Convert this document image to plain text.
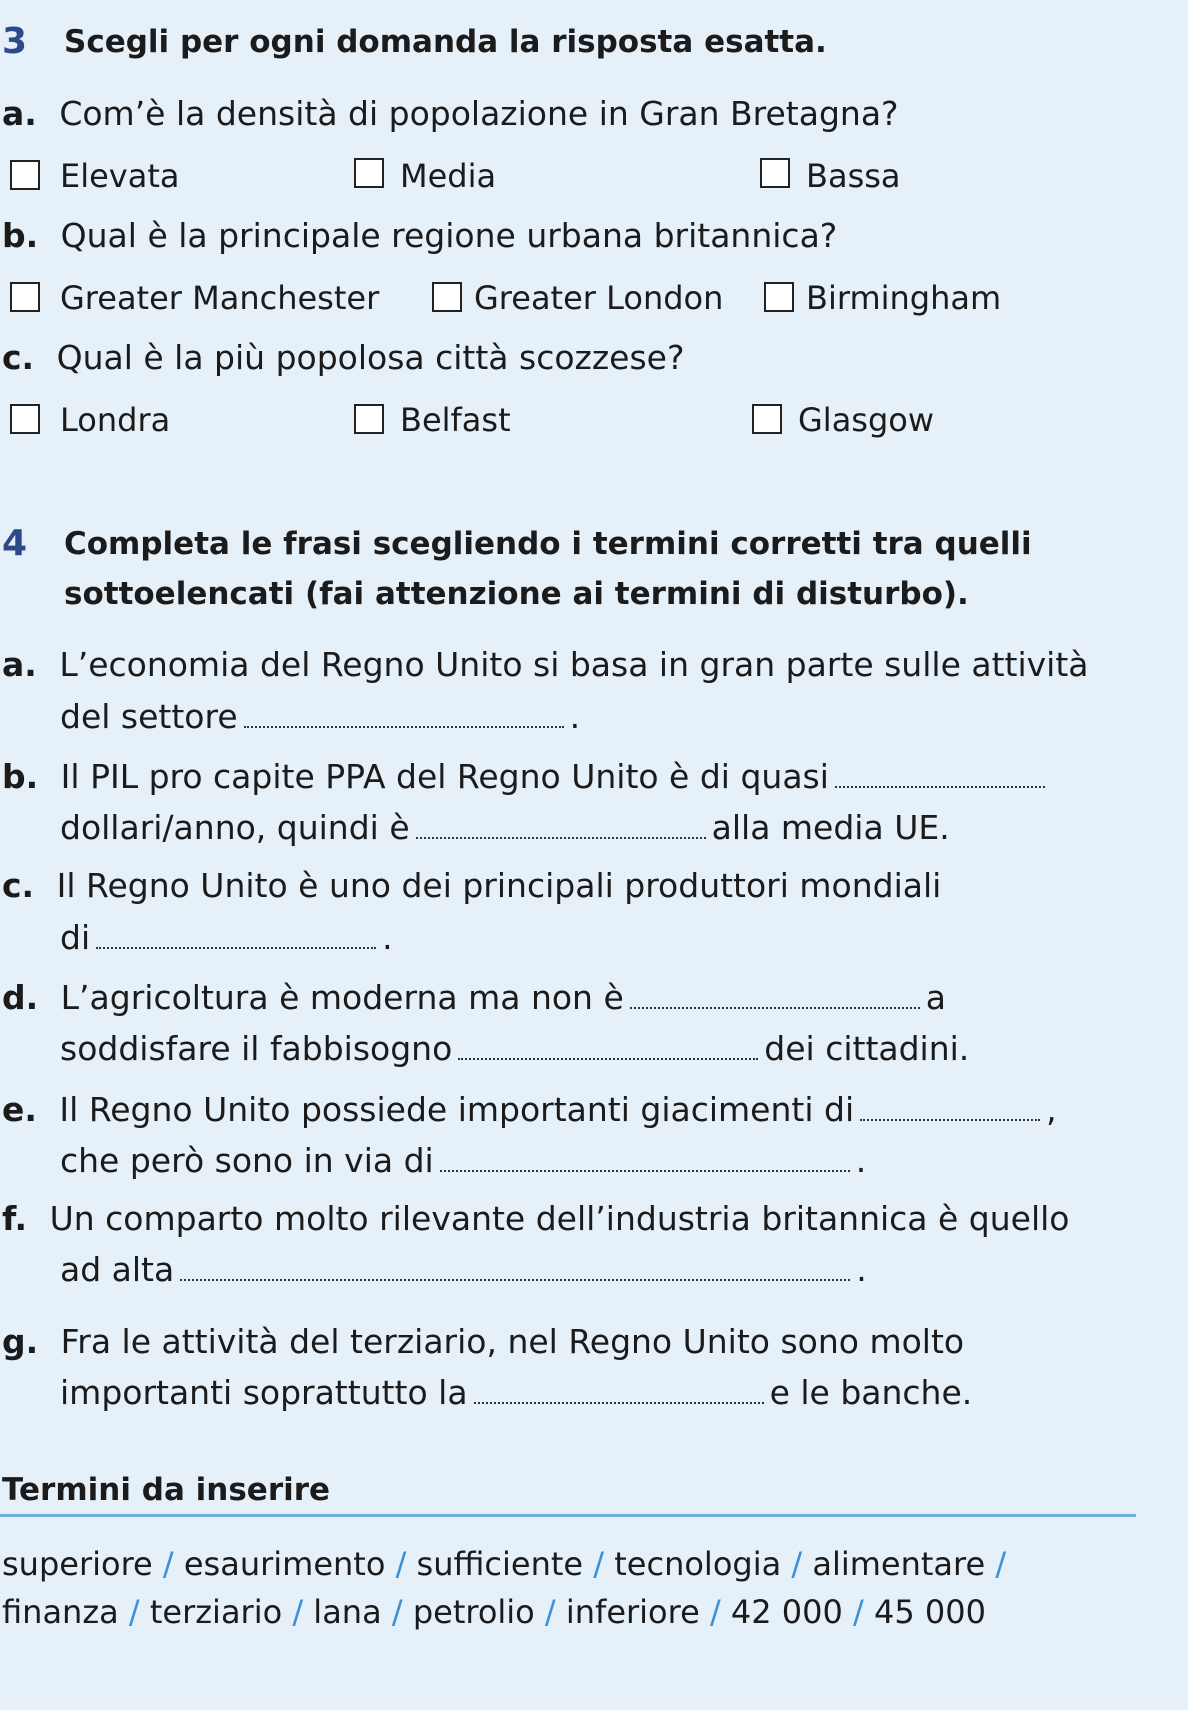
3 Scegli per ogni domanda la risposta esatta.
a. Com’è la densità di popolazione in Gran Bretagna?
Elevata	Media	Bassa
b. Qual è la principale regione urbana britannica?
Greater Manchester	Greater London	Birmingham
c. Qual è la più popolosa città scozzese?
Londra	Belfast	Glasgow
4 Completa le frasi scegliendo i termini corretti tra quelli
sottoelencati (fai attenzione ai termini di disturbo).
a. L’economia del Regno Unito si basa in gran parte sulle attività
del settore	.
b. Il PIL pro capite PPA del Regno Unito è di quasi
dollari/anno, quindi è	alla media UE.
c. Il Regno Unito è uno dei principali produttori mondiali
di	.
d. L’agricoltura è moderna ma non è	a
soddisfare il fabbisogno	dei cittadini.
e. Il Regno Unito possiede importanti giacimenti di	,
che però sono in via di	.
f. Un comparto molto rilevante dell’industria britannica è quello
ad alta	.
g. Fra le attività del terziario, nel Regno Unito sono molto
importanti soprattutto la	e le banche.
Termini da inserire
superiore / esaurimento / sufficiente / tecnologia / alimentare /
finanza / terziario / lana / petrolio / inferiore / 42 000 / 45 000
